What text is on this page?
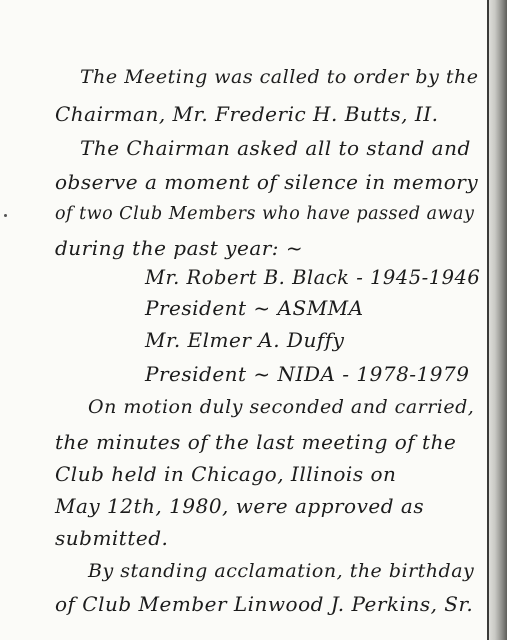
The Meeting was called to order by the
Chairman, Mr. Frederic H. Butts, II.
The Chairman asked all to stand and
observe a moment of silence in memory
of two Club Members who have passed away
during the past year: ~
Mr. Robert B. Black - 1945-1946
President ~ ASMMA
Mr. Elmer A. Duffy
President ~ NIDA - 1978-1979
On motion duly seconded and carried,
the minutes of the last meeting of the
Club held in Chicago, Illinois on
May 12th, 1980, were approved as
submitted.
By standing acclamation, the birthday
of Club Member Linwood J. Perkins, Sr.
